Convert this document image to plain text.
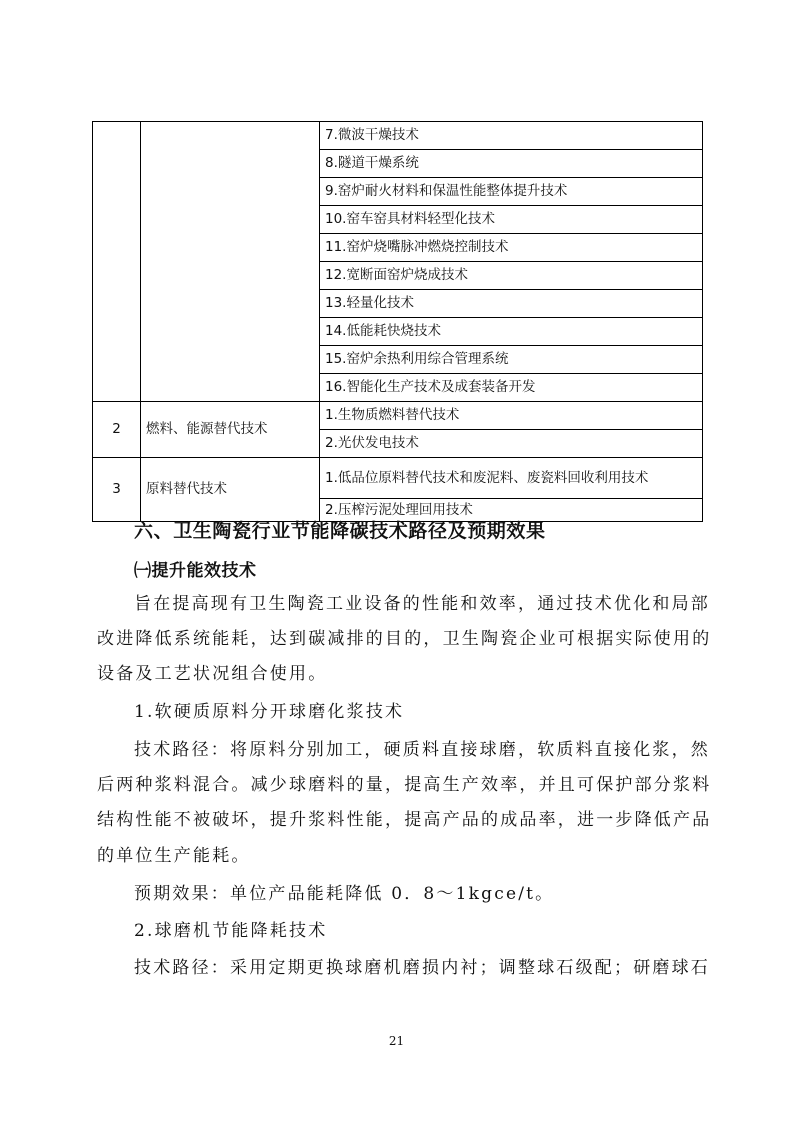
		7.微波干燥技术
		8.隧道干燥系统
		9.窑炉耐火材料和保温性能整体提升技术
		10.窑车窑具材料轻型化技术
		11.窑炉烧嘴脉冲燃烧控制技术
		12.宽断面窑炉烧成技术
		13.轻量化技术
		14.低能耗快烧技术
		15.窑炉余热利用综合管理系统
		16.智能化生产技术及成套装备开发
2	燃料、能源替代技术	1.生物质燃料替代技术
		2.光伏发电技术
3	原料替代技术	1.低品位原料替代技术和废泥料、废瓷料回收利用技术
		2.压榨污泥处理回用技术
六、卫生陶瓷行业节能降碳技术路径及预期效果
㈠提升能效技术
旨在提高现有卫生陶瓷工业设备的性能和效率，通过技术优化和局部
改进降低系统能耗，达到碳减排的目的，卫生陶瓷企业可根据实际使用的
设备及工艺状况组合使用。
1.软硬质原料分开球磨化浆技术
技术路径：将原料分别加工，硬质料直接球磨，软质料直接化浆，然
后两种浆料混合。减少球磨料的量，提高生产效率，并且可保护部分浆料
结构性能不被破坏，提升浆料性能，提高产品的成品率，进一步降低产品
的单位生产能耗。
预期效果：单位产品能耗降低 0．8～1kgce/t。
2.球磨机节能降耗技术
技术路径：采用定期更换球磨机磨损内衬；调整球石级配；研磨球石
21
